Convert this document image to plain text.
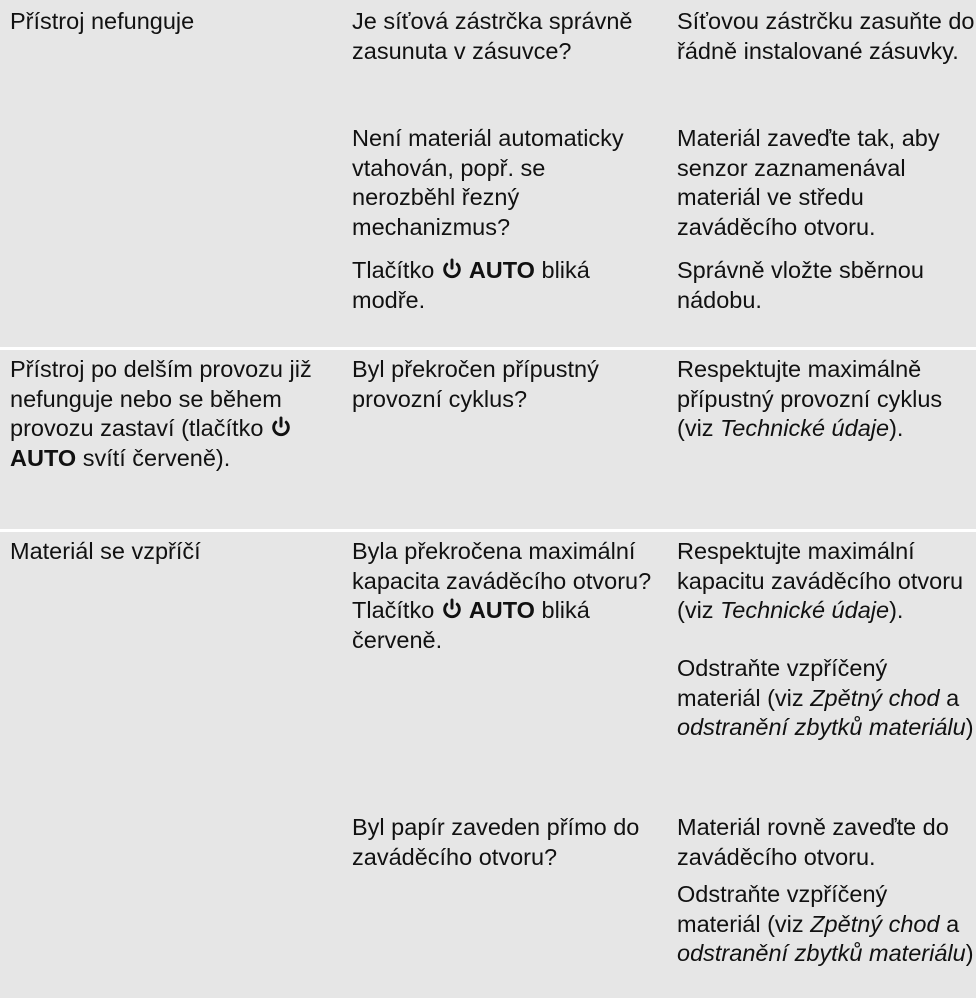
Přístroj nefunguje	Je síťová zástrčka správně zasunuta v zásuvce?

Není materiál automaticky vtahován, popř. se nerozběhl řezný mechanizmus?

Tlačítko AUTO bliká modře.

Síťovou zástrčku zasuňte do řádně instalované zásuvky.

Materiál zaveďte tak, aby senzor zaznamenával materiál ve středu zaváděcího otvoru.

Správně vložte sběrnou nádobu.

Přístroj po delším provozu již nefunguje nebo se během provozu zastaví (tlačítko AUTO svítí červeně).

Byl překročen přípustný provozní cyklus?

Respektujte maximálně přípustný provozní cyklus (viz Technické údaje).

Materiál se vzpříčí	Byla překročena maximální kapacita zaváděcího otvoru? Tlačítko AUTO bliká červeně.

Byl papír zaveden přímo do zaváděcího otvoru?

Respektujte maximální kapacitu zaváděcího otvoru (viz Technické údaje).

Odstraňte vzpříčený materiál (viz Zpětný chod a odstranění zbytků materiálu)

Materiál rovně zaveďte do zaváděcího otvoru.

Odstraňte vzpříčený materiál (viz Zpětný chod a odstranění zbytků materiálu)
